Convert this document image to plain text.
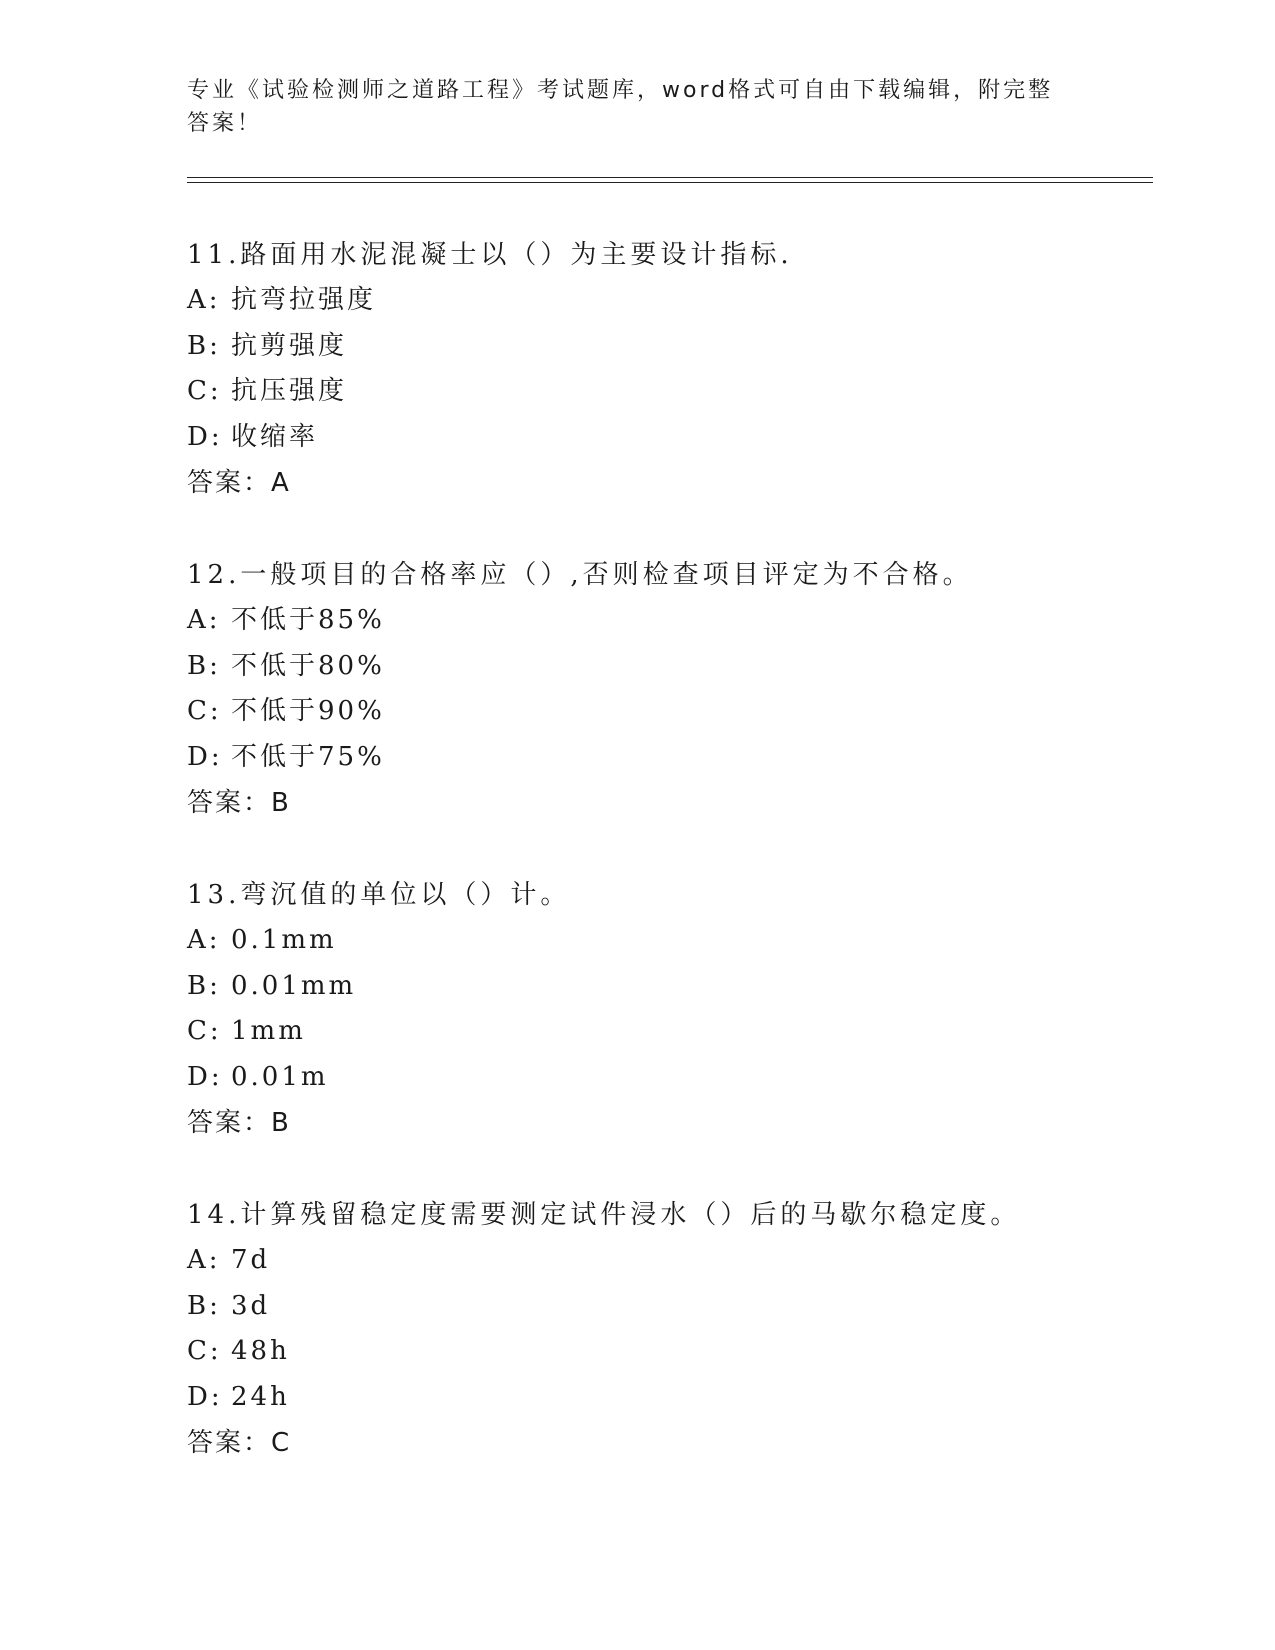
专业《试验检测师之道路工程》考试题库，word格式可自由下载编辑，附完整答案！
11.路面用水泥混凝士以（）为主要设计指标.
A: 抗弯拉强度
B: 抗剪强度
C: 抗压强度
D: 收缩率
答案：A
12.一般项目的合格率应（）,否则检查项目评定为不合格。
A: 不低于85%
B: 不低于80%
C: 不低于90%
D: 不低于75%
答案：B
13.弯沉值的单位以（）计。
A: 0.1mm
B: 0.01mm
C: 1mm
D: 0.01m
答案：B
14.计算残留稳定度需要测定试件浸水（）后的马歇尔稳定度。
A: 7d
B: 3d
C: 48h
D: 24h
答案：C
